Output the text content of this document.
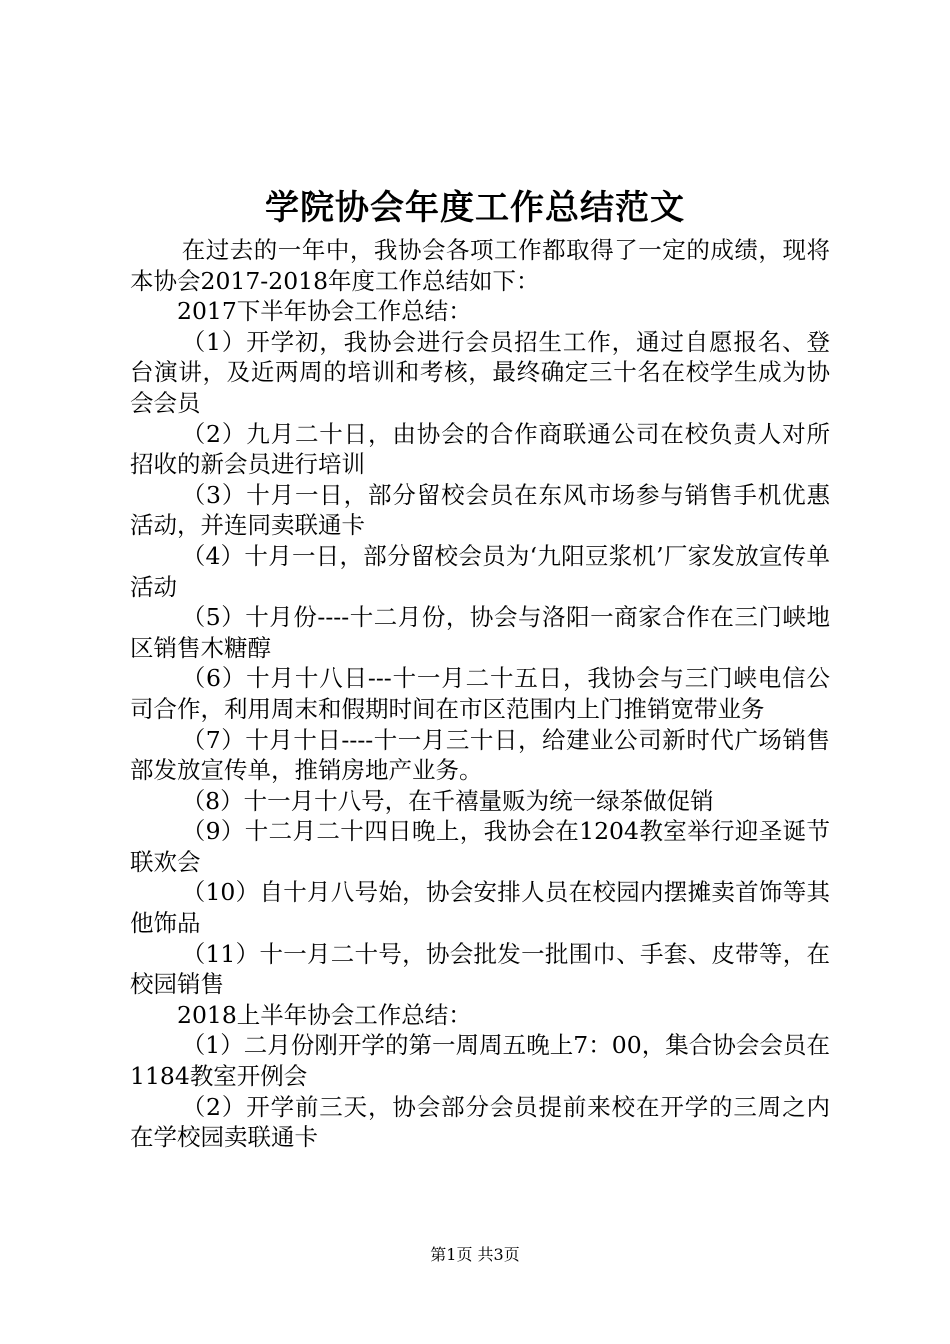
学院协会年度工作总结范文

在过去的一年中，我协会各项工作都取得了一定的成绩，现将本协会2017-2018年度工作总结如下：

2017下半年协会工作总结：

（1）开学初，我协会进行会员招生工作，通过自愿报名、登台演讲，及近两周的培训和考核，最终确定三十名在校学生成为协会会员

（2）九月二十日，由协会的合作商联通公司在校负责人对所招收的新会员进行培训

（3）十月一日，部分留校会员在东风市场参与销售手机优惠活动，并连同卖联通卡

（4）十月一日，部分留校会员为‘九阳豆浆机’厂家发放宣传单活动

（5）十月份----十二月份，协会与洛阳一商家合作在三门峡地区销售木糖醇

（6）十月十八日---十一月二十五日，我协会与三门峡电信公司合作，利用周末和假期时间在市区范围内上门推销宽带业务

（7）十月十日----十一月三十日，给建业公司新时代广场销售部发放宣传单，推销房地产业务。

（8）十一月十八号，在千禧量贩为统一绿茶做促销

（9）十二月二十四日晚上，我协会在1204教室举行迎圣诞节联欢会

（10）自十月八号始，协会安排人员在校园内摆摊卖首饰等其他饰品

（11）十一月二十号，协会批发一批围巾、手套、皮带等，在校园销售

2018上半年协会工作总结：

（1）二月份刚开学的第一周周五晚上7：00，集合协会会员在1184教室开例会

（2）开学前三天，协会部分会员提前来校在开学的三周之内在学校园卖联通卡

第1页 共3页
